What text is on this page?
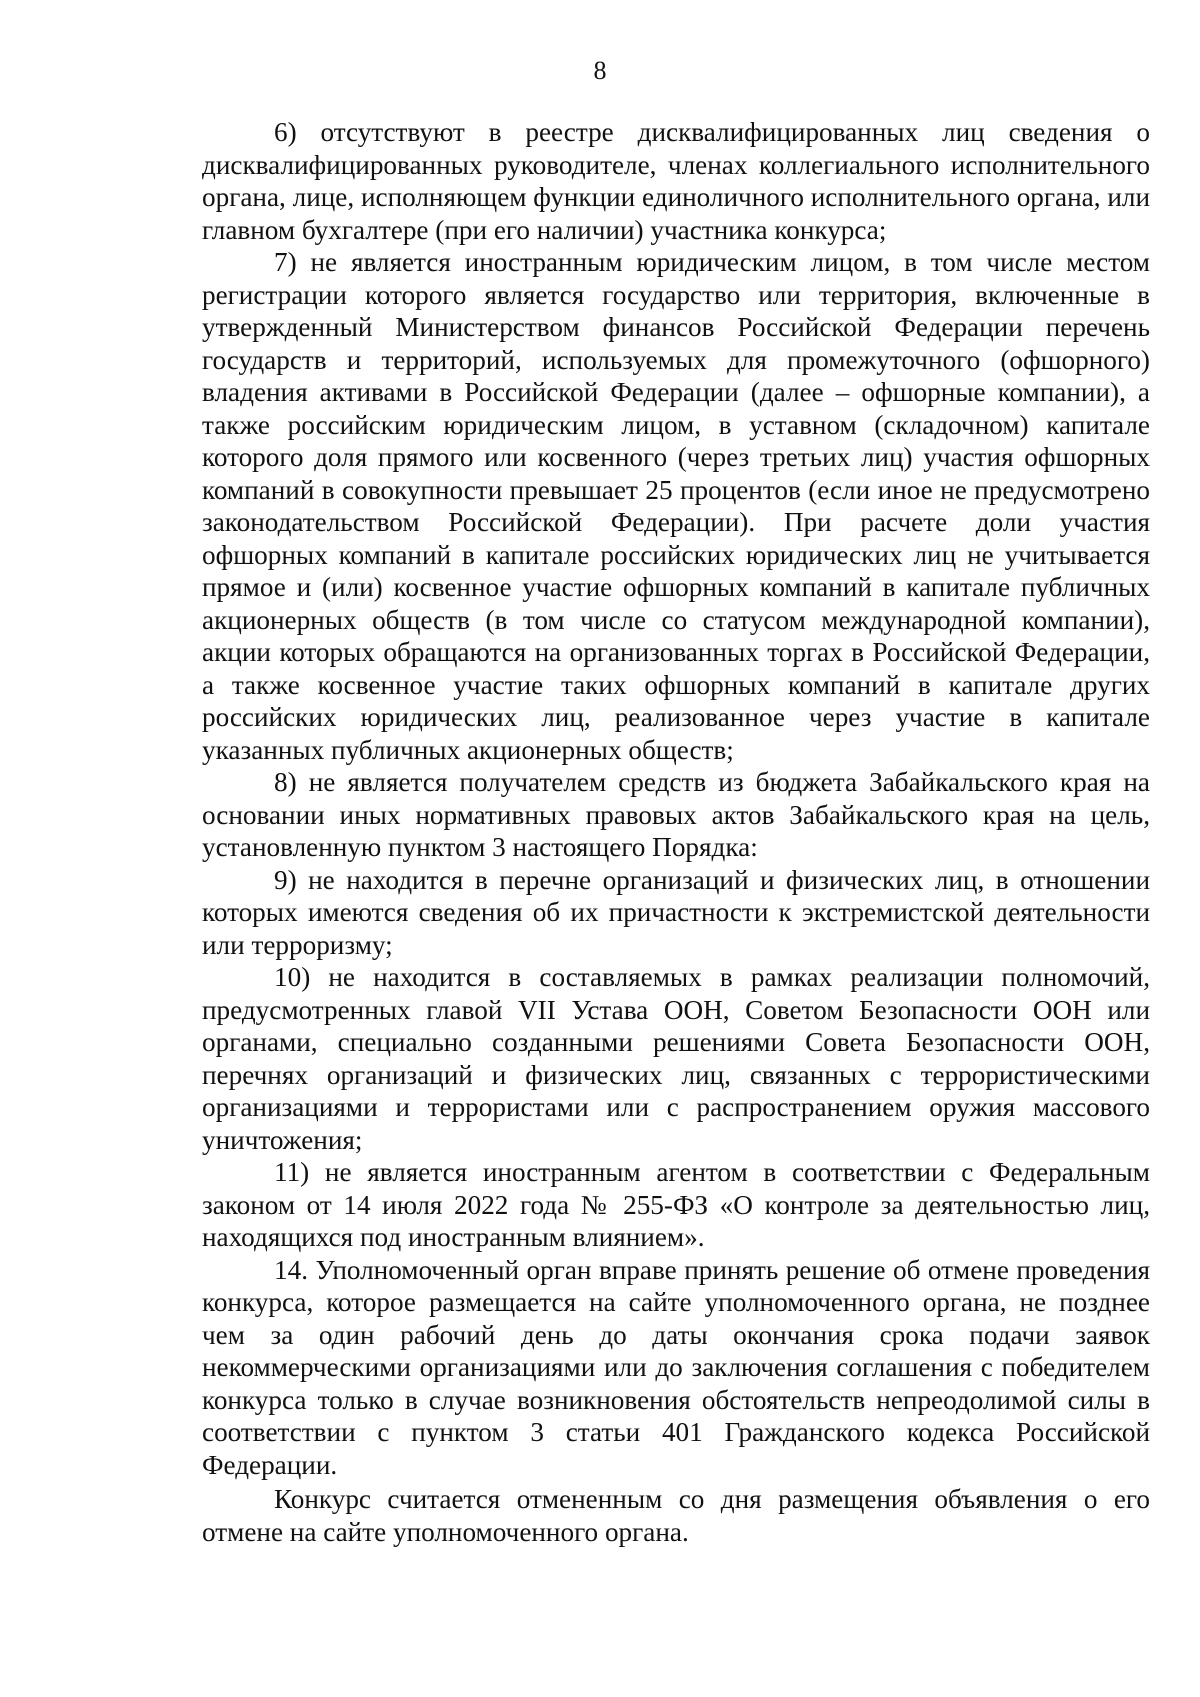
8

6) отсутствуют в реестре дисквалифицированных лиц сведения о дисквалифицированных руководителе, членах коллегиального исполнительного органа, лице, исполняющем функции единоличного исполнительного органа, или главном бухгалтере (при его наличии) участника конкурса;

7) не является иностранным юридическим лицом, в том числе местом регистрации которого является государство или территория, включенные в утвержденный Министерством финансов Российской Федерации перечень государств и территорий, используемых для промежуточного (офшорного) владения активами в Российской Федерации (далее – офшорные компании), а также российским юридическим лицом, в уставном (складочном) капитале которого доля прямого или косвенного (через третьих лиц) участия офшорных компаний в совокупности превышает 25 процентов (если иное не предусмотрено законодательством Российской Федерации). При расчете доли участия офшорных компаний в капитале российских юридических лиц не учитывается прямое и (или) косвенное участие офшорных компаний в капитале публичных акционерных обществ (в том числе со статусом международной компании), акции которых обращаются на организованных торгах в Российской Федерации, а также косвенное участие таких офшорных компаний в капитале других российских юридических лиц, реализованное через участие в капитале указанных публичных акционерных обществ;

8) не является получателем средств из бюджета Забайкальского края на основании иных нормативных правовых актов Забайкальского края на цель, установленную пунктом 3 настоящего Порядка:

9) не находится в перечне организаций и физических лиц, в отношении которых имеются сведения об их причастности к экстремистской деятельности или терроризму;

10) не находится в составляемых в рамках реализации полномочий, предусмотренных главой VII Устава ООН, Советом Безопасности ООН или органами, специально созданными решениями Совета Безопасности ООН, перечнях организаций и физических лиц, связанных с террористическими организациями и террористами или с распространением оружия массового уничтожения;

11) не является иностранным агентом в соответствии с Федеральным законом от 14 июля 2022 года № 255-ФЗ «О контроле за деятельностью лиц, находящихся под иностранным влиянием».

14. Уполномоченный орган вправе принять решение об отмене проведения конкурса, которое размещается на сайте уполномоченного органа, не позднее чем за один рабочий день до даты окончания срока подачи заявок некоммерческими организациями или до заключения соглашения с победителем конкурса только в случае возникновения обстоятельств непреодолимой силы в соответствии с пунктом 3 статьи 401 Гражданского кодекса Российской Федерации.

Конкурс считается отмененным со дня размещения объявления о его отмене на сайте уполномоченного органа.
